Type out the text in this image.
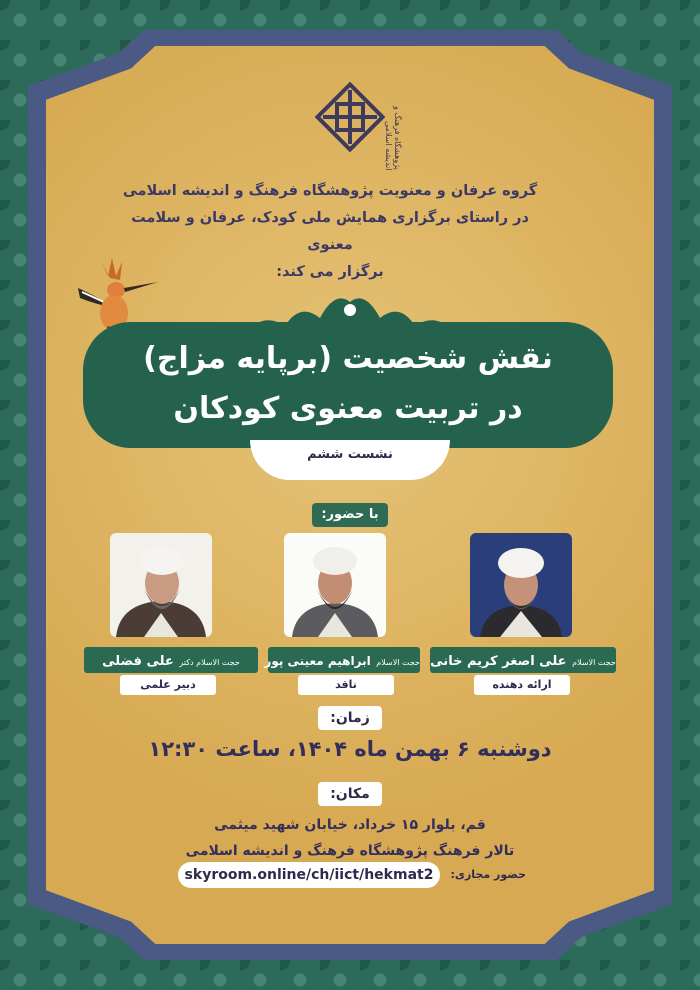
پژوهشگاه فرهنگ و اندیشه اسلامی
گروه عرفان و معنویت پژوهشگاه فرهنگ و اندیشه اسلامی
در راستای برگزاری همایش ملی کودک، عرفان و سلامت معنوی
برگزار می کند:
نقش شخصیت (برپایه مزاج)
در تربیت معنوی کودکان
نشست ششم
با حضور:
حجت الاسلام علی اصغر کریم خانی
ارائه دهنده
حجت الاسلام ابراهیم معینی پور
ناقد
حجت الاسلام دکتر علی فضلی
دبیر علمی
زمان:
دوشنبه ۶ بهمن ماه ۱۴۰۴، ساعت ۱۲:۳۰
مکان:
قم، بلوار ۱۵ خرداد، خیابان شهید میثمی
تالار فرهنگ پژوهشگاه فرهنگ و اندیشه اسلامی
skyroom.online/ch/iict/hekmat2	حضور مجازی:
